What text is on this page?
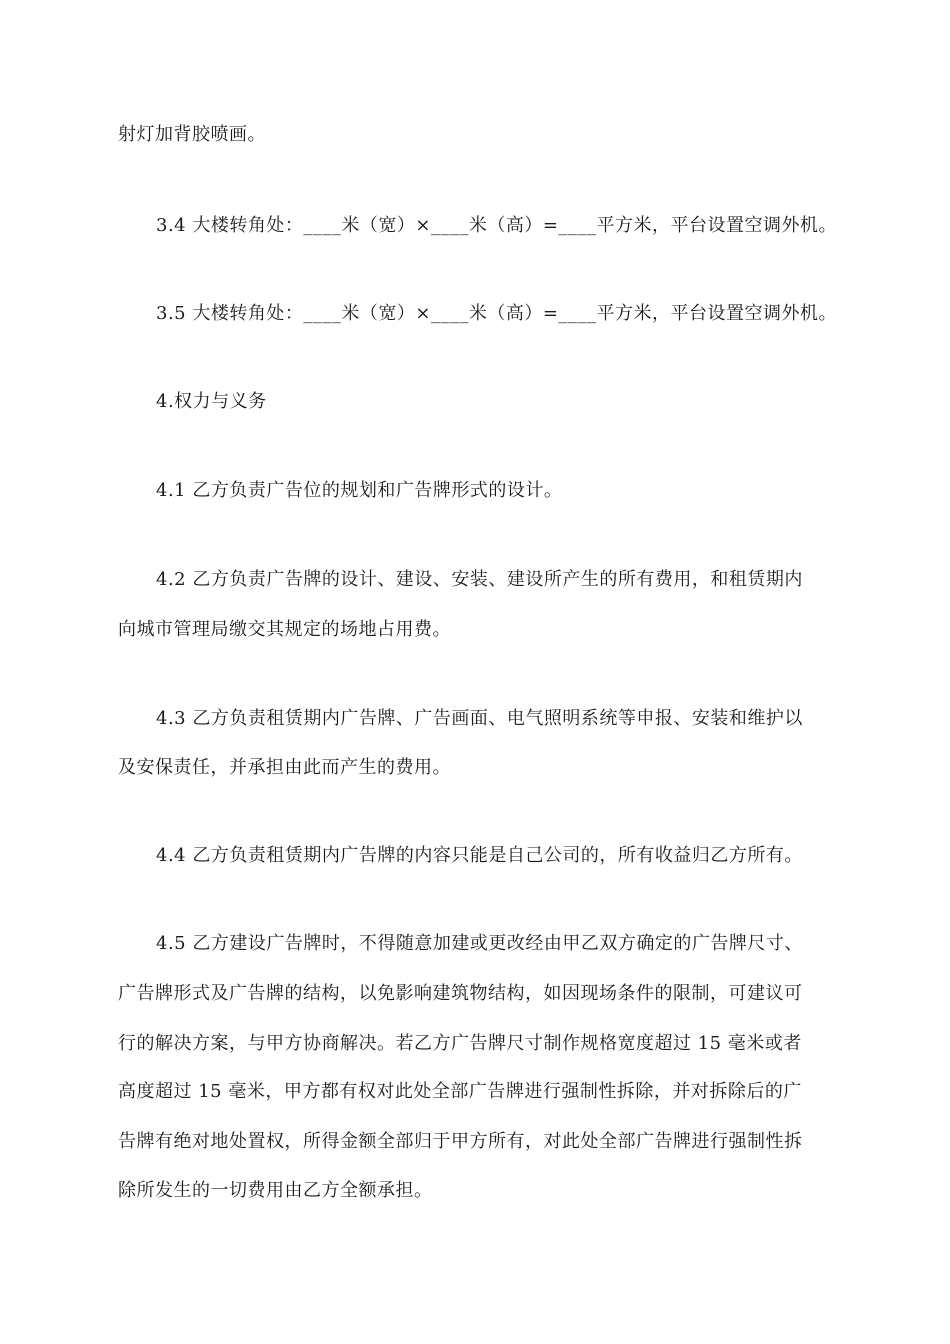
射灯加背胶喷画。
3.4 大楼转角处：____米（宽）×____米（高）=____平方米，平台设置空调外机。
3.5 大楼转角处：____米（宽）×____米（高）=____平方米，平台设置空调外机。
4.权力与义务
4.1 乙方负责广告位的规划和广告牌形式的设计。
4.2 乙方负责广告牌的设计、建设、安装、建设所产生的所有费用，和租赁期内
向城市管理局缴交其规定的场地占用费。
4.3 乙方负责租赁期内广告牌、广告画面、电气照明系统等申报、安装和维护以
及安保责任，并承担由此而产生的费用。
4.4 乙方负责租赁期内广告牌的内容只能是自己公司的，所有收益归乙方所有。
4.5 乙方建设广告牌时，不得随意加建或更改经由甲乙双方确定的广告牌尺寸、
广告牌形式及广告牌的结构，以免影响建筑物结构，如因现场条件的限制，可建议可
行的解决方案，与甲方协商解决。若乙方广告牌尺寸制作规格宽度超过 15 毫米或者
高度超过 15 毫米，甲方都有权对此处全部广告牌进行强制性拆除，并对拆除后的广
告牌有绝对地处置权，所得金额全部归于甲方所有，对此处全部广告牌进行强制性拆
除所发生的一切费用由乙方全额承担。
